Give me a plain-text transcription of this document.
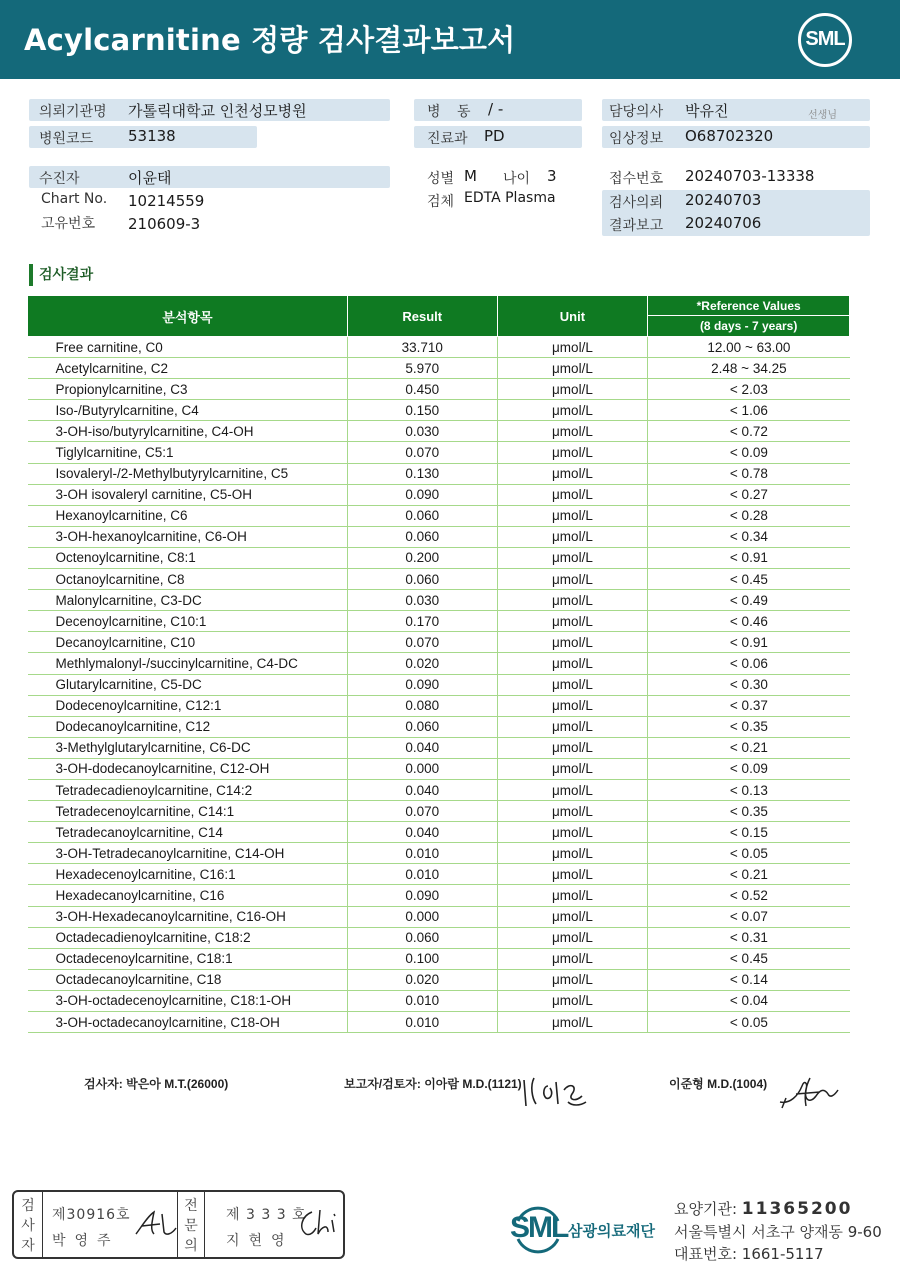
Acylcarnitine 정량 검사결과보고서	SML
의뢰기관명 가톨릭대학교 인천성모병원
병원코드 53138
수진자	이윤태
Chart No. 10214559
고유번호 210609-3
병 동 / -
진료과 PD
성별 M 나이 3
검체 EDTA Plasma
담당의사 박유진	선생님
임상정보 O68702320
접수번호 20240703-13338
검사의뢰 20240703
결과보고 20240706
검사결과
분석항목	Result	Unit	*Reference Values
			(8 days - 7 years)
Free carnitine, C0	33.710	μmol/L	12.00 ~ 63.00
Acetylcarnitine, C2	5.970	μmol/L	2.48 ~ 34.25
Propionylcarnitine, C3	0.450	μmol/L	< 2.03
Iso-/Butyrylcarnitine, C4	0.150	μmol/L	< 1.06
3-OH-iso/butyrylcarnitine, C4-OH	0.030	μmol/L	< 0.72
Tiglylcarnitine, C5:1	0.070	μmol/L	< 0.09
Isovaleryl-/2-Methylbutyrylcarnitine, C5	0.130	μmol/L	< 0.78
3-OH isovaleryl carnitine, C5-OH	0.090	μmol/L	< 0.27
Hexanoylcarnitine, C6	0.060	μmol/L	< 0.28
3-OH-hexanoylcarnitine, C6-OH	0.060	μmol/L	< 0.34
Octenoylcarnitine, C8:1	0.200	μmol/L	< 0.91
Octanoylcarnitine, C8	0.060	μmol/L	< 0.45
Malonylcarnitine, C3-DC	0.030	μmol/L	< 0.49
Decenoylcarnitine, C10:1	0.170	μmol/L	< 0.46
Decanoylcarnitine, C10	0.070	μmol/L	< 0.91
Methlymalonyl-/succinylcarnitine, C4-DC	0.020	μmol/L	< 0.06
Glutarylcarnitine, C5-DC	0.090	μmol/L	< 0.30
Dodecenoylcarnitine, C12:1	0.080	μmol/L	< 0.37
Dodecanoylcarnitine, C12	0.060	μmol/L	< 0.35
3-Methylglutarylcarnitine, C6-DC	0.040	μmol/L	< 0.21
3-OH-dodecanoylcarnitine, C12-OH	0.000	μmol/L	< 0.09
Tetradecadienoylcarnitine, C14:2	0.040	μmol/L	< 0.13
Tetradecenoylcarnitine, C14:1	0.070	μmol/L	< 0.35
Tetradecanoylcarnitine, C14	0.040	μmol/L	< 0.15
3-OH-Tetradecanoylcarnitine, C14-OH	0.010	μmol/L	< 0.05
Hexadecenoylcarnitine, C16:1	0.010	μmol/L	< 0.21
Hexadecanoylcarnitine, C16	0.090	μmol/L	< 0.52
3-OH-Hexadecanoylcarnitine, C16-OH	0.000	μmol/L	< 0.07
Octadecadienoylcarnitine, C18:2	0.060	μmol/L	< 0.31
Octadecenoylcarnitine, C18:1	0.100	μmol/L	< 0.45
Octadecanoylcarnitine, C18	0.020	μmol/L	< 0.14
3-OH-octadecenoylcarnitine, C18:1-OH	0.010	μmol/L	< 0.04
3-OH-octadecanoylcarnitine, C18-OH	0.010	μmol/L	< 0.05
검사자: 박은아 M.T.(26000)	보고자/검토자: 이아람 M.D.(1121)	이준형 M.D.(1004)
검
사
자
제30916호
박영주
전
문
의
제 3 3 3 호
지현영	SML 삼광의료재단
요양기관: 11365200
서울특별시 서초구 양재동 9-60
대표번호: 1661-5117
